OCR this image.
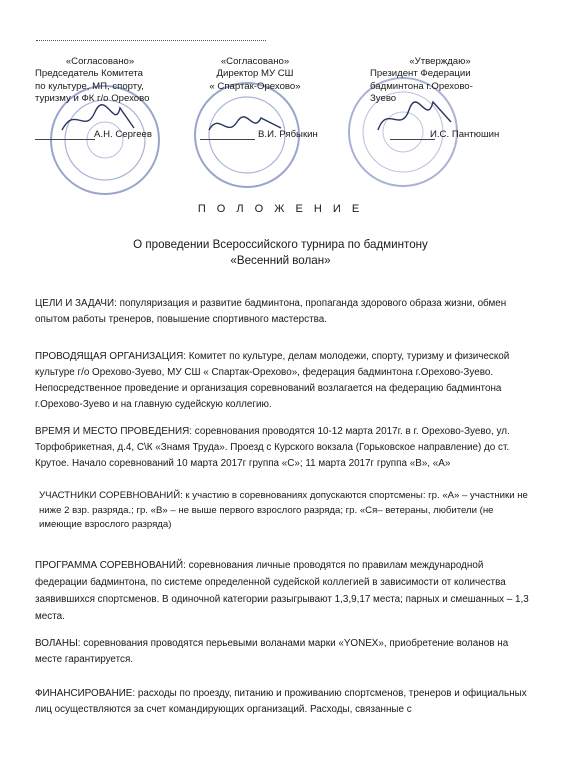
«Согласовано»
Председатель Комитета
по культуре, МП, спорту,
туризму и ФК г/о Орехово
А.Н. Сергеев
«Согласовано»
Директор МУ СШ
« Спартак-Орехово»
В.И. Рябыкин
«Утверждаю»
Президент Федерации
бадминтона г.Орехово-
Зуево
И.С. Пантюшин
П О Л О Ж Е Н И Е
О проведении Всероссийского турнира по бадминтону
«Весенний волан»
ЦЕЛИ И ЗАДАЧИ: популяризация и развитие бадминтона, пропаганда здорового образа жизни, обмен опытом работы тренеров, повышение спортивного мастерства.
ПРОВОДЯЩАЯ ОРГАНИЗАЦИЯ: Комитет по культуре, делам молодежи, спорту, туризму и физической культуре г/о Орехово-Зуево, МУ СШ « Спартак-Орехово», федерация бадминтона г.Орехово-Зуево. Непосредственное проведение и организация соревнований возлагается на федерацию бадминтона г.Орехово-Зуево и на главную судейскую коллегию.
ВРЕМЯ И МЕСТО ПРОВЕДЕНИЯ: соревнования проводятся 10-12 марта 2017г. в г. Орехово-Зуево, ул. Торфобрикетная, д.4, С\К «Знамя Труда». Проезд с Курского вокзала (Горьковское направление) до ст. Крутое. Начало соревнований 10 марта 2017г группа «С»; 11 марта 2017г группа «В», «А»
УЧАСТНИКИ СОРЕВНОВАНИЙ: к участию в соревнованиях допускаются спортсмены: гр. «А» – участники не ниже 2 взр. разряда.; гр. «В» – не выше первого взрослого разряда; гр. «Ся– ветераны, любители (не имеющие взрослого разряда)
ПРОГРАММА СОРЕВНОВАНИЙ: соревнования личные проводятся по правилам международной федерации бадминтона, по системе определенной судейской коллегией в зависимости от количества заявившихся спортсменов. В одиночной категории разыгрывают 1,3,9,17 места; парных и смешанных – 1,3 места.
ВОЛАНЫ: соревнования проводятся перьевыми воланами марки «YONEX», приобретение воланов на месте гарантируется.
ФИНАНСИРОВАНИЕ: расходы по проезду, питанию и проживанию спортсменов, тренеров и официальных лиц осуществляются за счет командирующих организаций. Расходы, связанные с
